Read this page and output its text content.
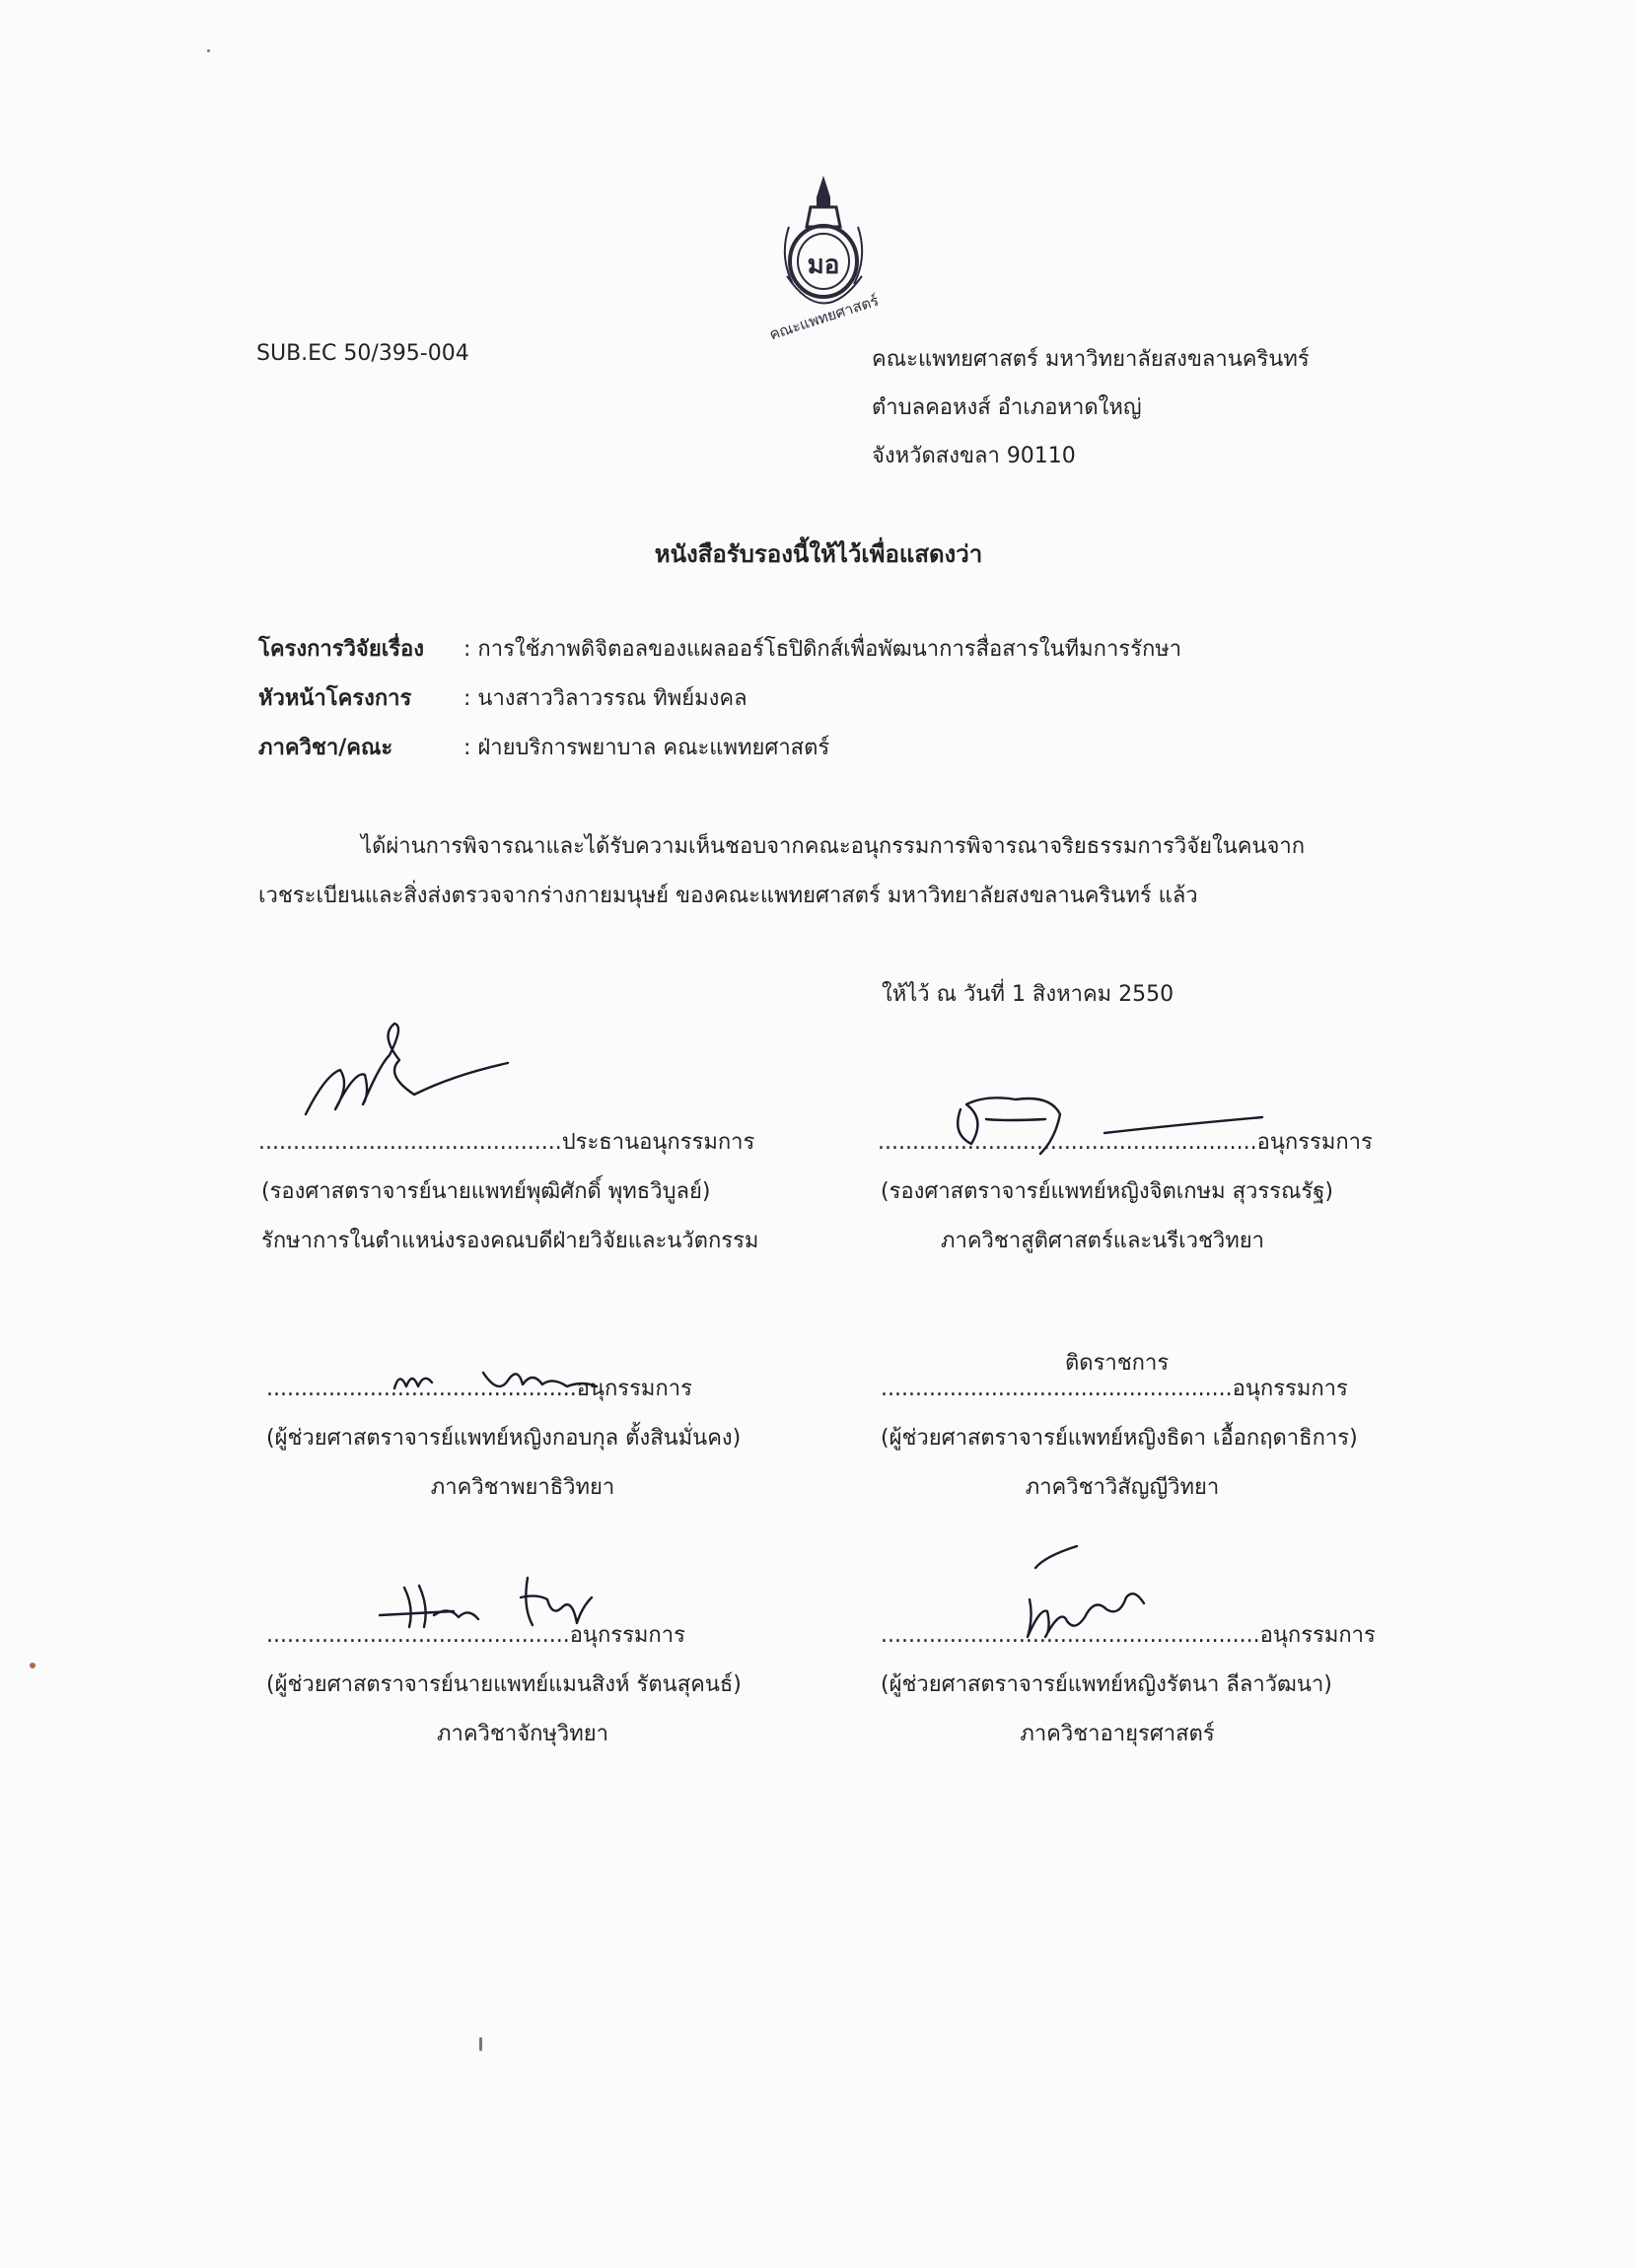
มอ
คณะแพทยศาสตร์
SUB.EC 50/395-004	คณะแพทยศาสตร์ มหาวิทยาลัยสงขลานครินทร์
ตำบลคอหงส์ อำเภอหาดใหญ่
จังหวัดสงขลา 90110
หนังสือรับรองนี้ให้ไว้เพื่อแสดงว่า
โครงการวิจัยเรื่อง : การใช้ภาพดิจิตอลของแผลออร์โธปิดิกส์เพื่อพัฒนาการสื่อสารในทีมการรักษา
หัวหน้าโครงการ : นางสาววิลาวรรณ ทิพย์มงคล
ภาควิชา/คณะ	: ฝ่ายบริการพยาบาล คณะแพทยศาสตร์
ได้ผ่านการพิจารณาและได้รับความเห็นชอบจากคณะอนุกรรมการพิจารณาจริยธรรมการวิจัยในคนจาก
เวชระเบียนและสิ่งส่งตรวจจากร่างกายมนุษย์ ของคณะแพทยศาสตร์ มหาวิทยาลัยสงขลานครินทร์ แล้ว
ให้ไว้ ณ วันที่ 1 สิงหาคม 2550
............................................ประธานอนุกรรมการ
(รองศาสตราจารย์นายแพทย์พุฒิศักดิ์ พุทธวิบูลย์)
รักษาการในตำแหน่งรองคณบดีฝ่ายวิจัยและนวัตกรรม
.......................................................อนุกรรมการ
(รองศาสตราจารย์แพทย์หญิงจิตเกษม สุวรรณรัฐ)
ภาควิชาสูติศาสตร์และนรีเวชวิทยา
.............................................อนุกรรมการ
(ผู้ช่วยศาสตราจารย์แพทย์หญิงกอบกุล ตั้งสินมั่นคง)
ภาควิชาพยาธิวิทยา
ติดราชการ
...................................................อนุกรรมการ
(ผู้ช่วยศาสตราจารย์แพทย์หญิงธิดา เอื้อกฤดาธิการ)
ภาควิชาวิสัญญีวิทยา
............................................อนุกรรมการ
(ผู้ช่วยศาสตราจารย์นายแพทย์แมนสิงห์ รัตนสุคนธ์)
ภาควิชาจักษุวิทยา
.......................................................อนุกรรมการ
(ผู้ช่วยศาสตราจารย์แพทย์หญิงรัตนา ลีลาวัฒนา)
ภาควิชาอายุรศาสตร์
